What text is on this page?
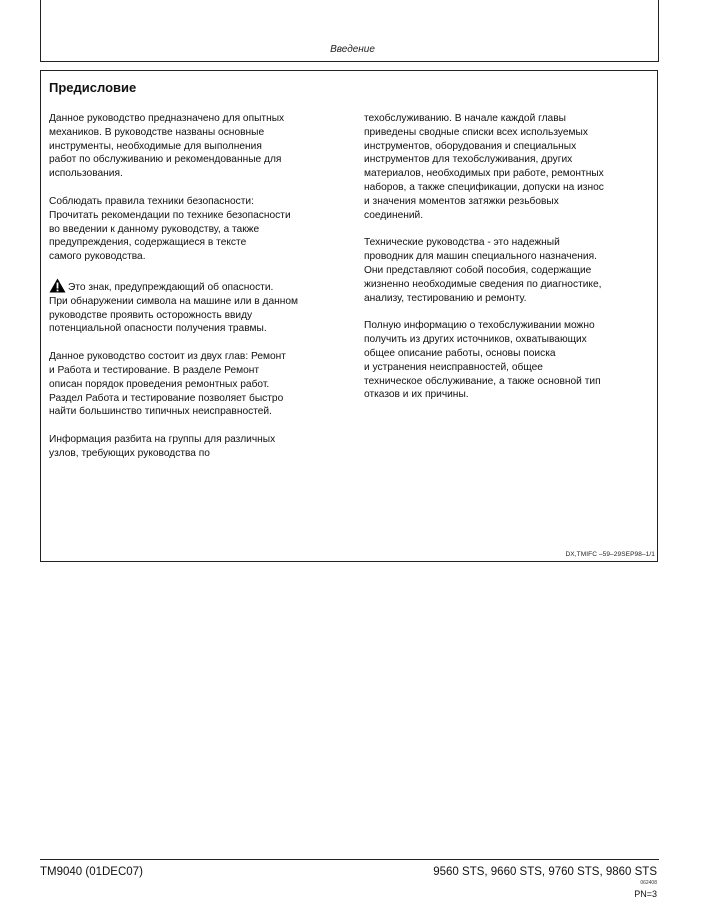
Введение
Предисловие

Данное руководство предназначено для опытных
механиков. В руководстве названы основные
инструменты, необходимые для выполнения
работ по обслуживанию и рекомендованные для
использования.

Соблюдать правила техники безопасности:
Прочитать рекомендации по технике безопасности
во введении к данному руководству, а также
предупреждения, содержащиеся в тексте
самого руководства.

Это знак, предупреждающий об опасности.
При обнаружении символа на машине или в данном
руководстве проявить осторожность ввиду
потенциальной опасности получения травмы.

Данное руководство состоит из двух глав: Ремонт
и Работа и тестирование. В разделе Ремонт
описан порядок проведения ремонтных работ.
Раздел Работа и тестирование позволяет быстро
найти большинство типичных неисправностей.

Информация разбита на группы для различных
узлов, требующих руководства по

техобслуживанию. В начале каждой главы
приведены сводные списки всех используемых
инструментов, оборудования и специальных
инструментов для техобслуживания, других
материалов, необходимых при работе, ремонтных
наборов, а также спецификации, допуски на износ
и значения моментов затяжки резьбовых
соединений.

Технические руководства - это надежный
проводник для машин специального назначения.
Они представляют собой пособия, содержащие
жизненно необходимые сведения по диагностике,
анализу, тестированию и ремонту.

Полную информацию о техобслуживании можно
получить из других источников, охватывающих
общее описание работы, основы поиска
и устранения неисправностей, общее
техническое обслуживание, а также основной тип
отказов и их причины.

DX,TMIFC –59–29SEP98–1/1
TM9040 (01DEC07)	9560 STS, 9660 STS, 9760 STS, 9860 STS
062408
PN=3
